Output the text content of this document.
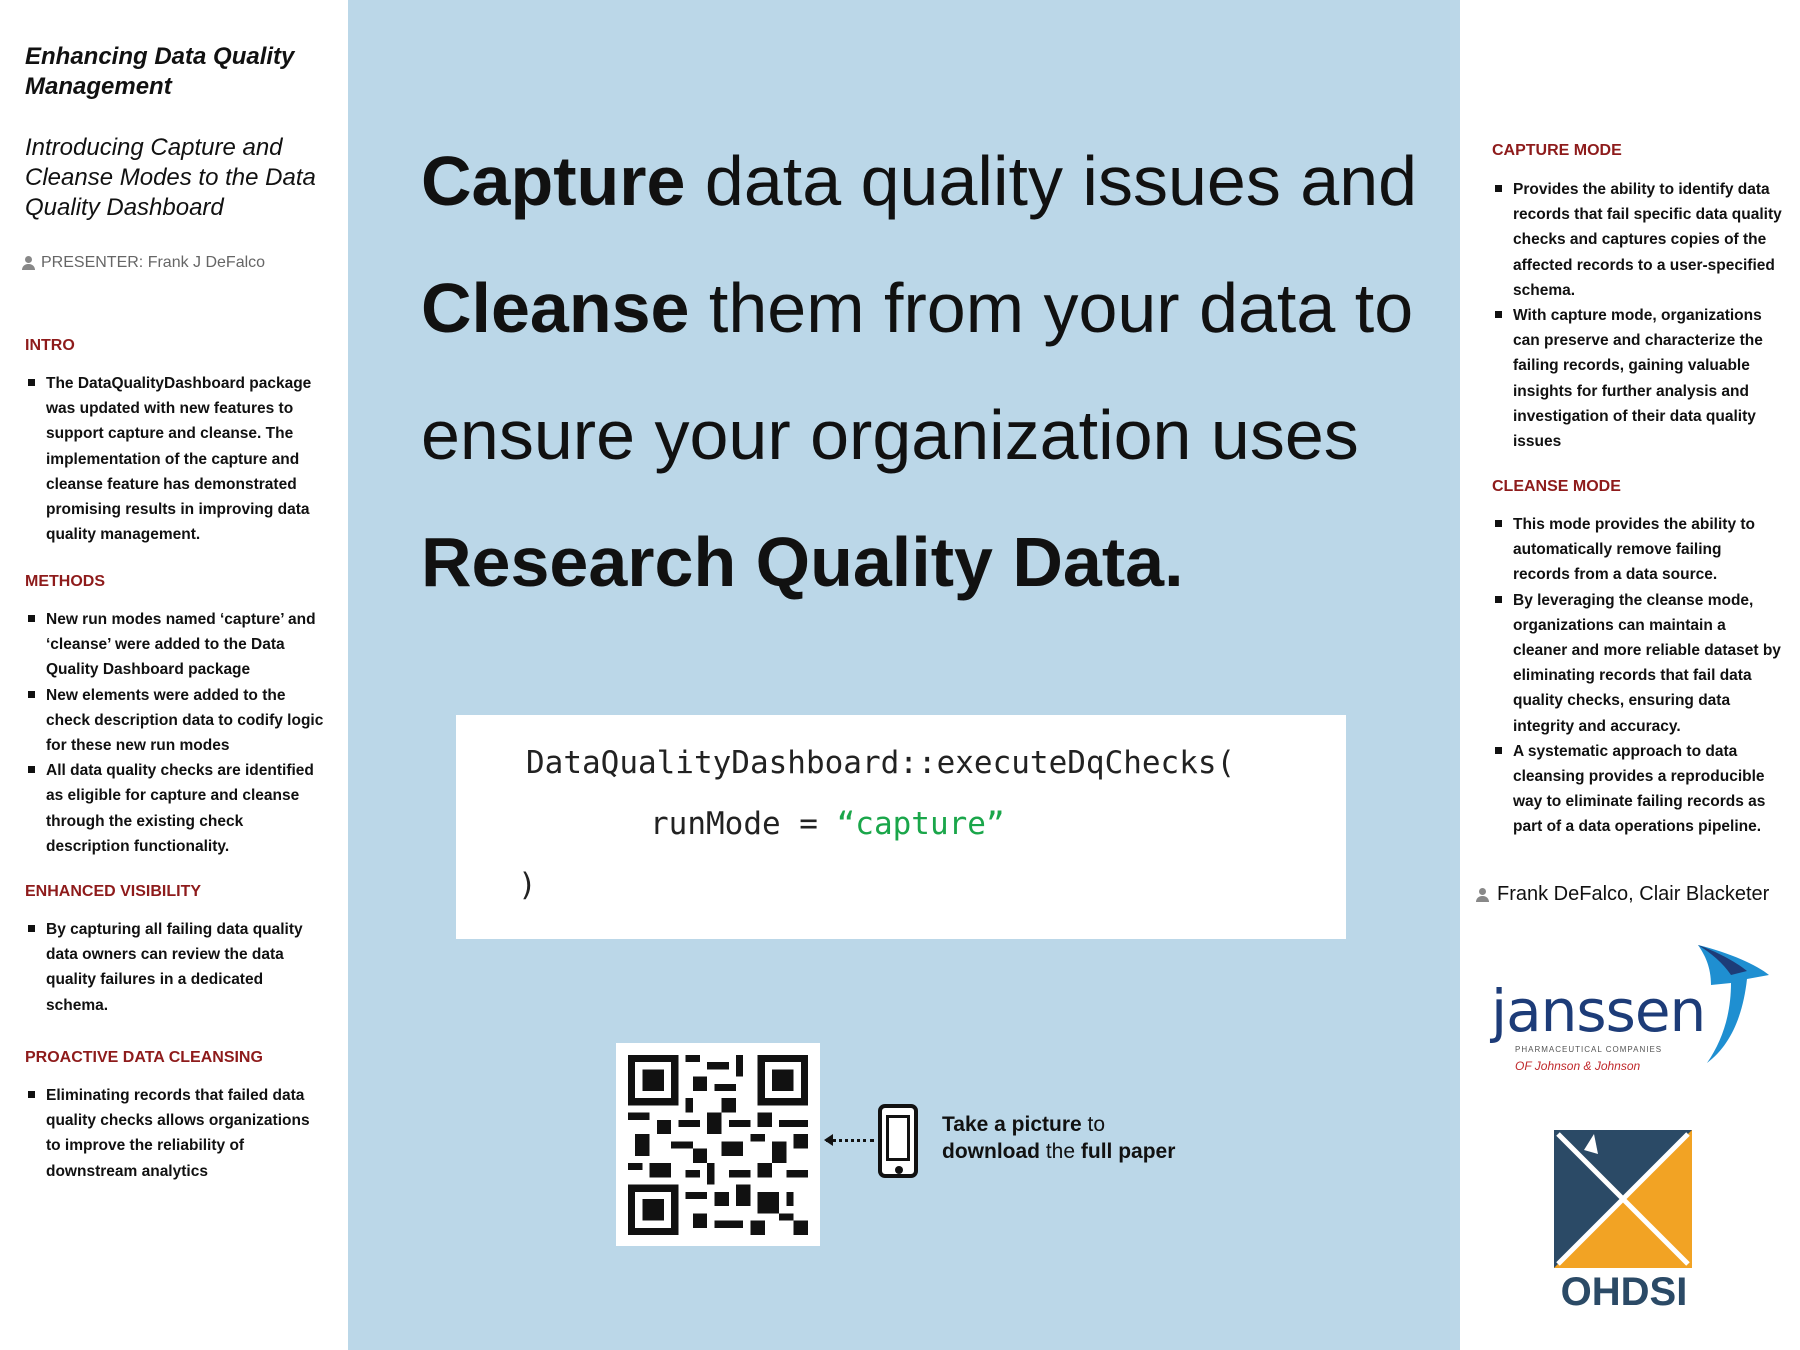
Enhancing Data Quality Management
Introducing Capture and Cleanse Modes to the Data Quality Dashboard
PRESENTER: Frank J DeFalco
INTRO
The DataQualityDashboard package was updated with new features to support capture and cleanse. The implementation of the capture and cleanse feature has demonstrated promising results in improving data quality management.
METHODS
New run modes named ‘capture’ and ‘cleanse’ were added to the Data Quality Dashboard package
New elements were added to the check description data to codify logic for these new run modes
All data quality checks are identified as eligible for capture and cleanse through the existing check description functionality.
ENHANCED VISIBILITY
By capturing all failing data quality data owners can review the data quality failures in a dedicated schema.
PROACTIVE DATA CLEANSING
Eliminating records that failed data quality checks allows organizations to improve the reliability of downstream analytics
Capture data quality issues and
Cleanse them from your data to
ensure your organization uses
Research Quality Data.
DataQualityDashboard::executeDqChecks(
runMode = “capture”
)
Take a picture to
download the full paper
CAPTURE MODE
Provides the ability to identify data records that fail specific data quality checks and captures copies of the affected records to a user-specified schema.
With capture mode, organizations can preserve and characterize the failing records, gaining valuable insights for further analysis and investigation of their data quality issues
CLEANSE MODE
This mode provides the ability to automatically remove failing records from a data source.
By leveraging the cleanse mode, organizations can maintain a cleaner and more reliable dataset by eliminating records that fail data quality checks, ensuring data integrity and accuracy.
A systematic approach to data cleansing provides a reproducible way to eliminate failing records as part of a data operations pipeline.
Frank DeFalco, Clair Blacketer
janssen
PHARMACEUTICAL COMPANIES
OF Johnson & Johnson
OHDSI
